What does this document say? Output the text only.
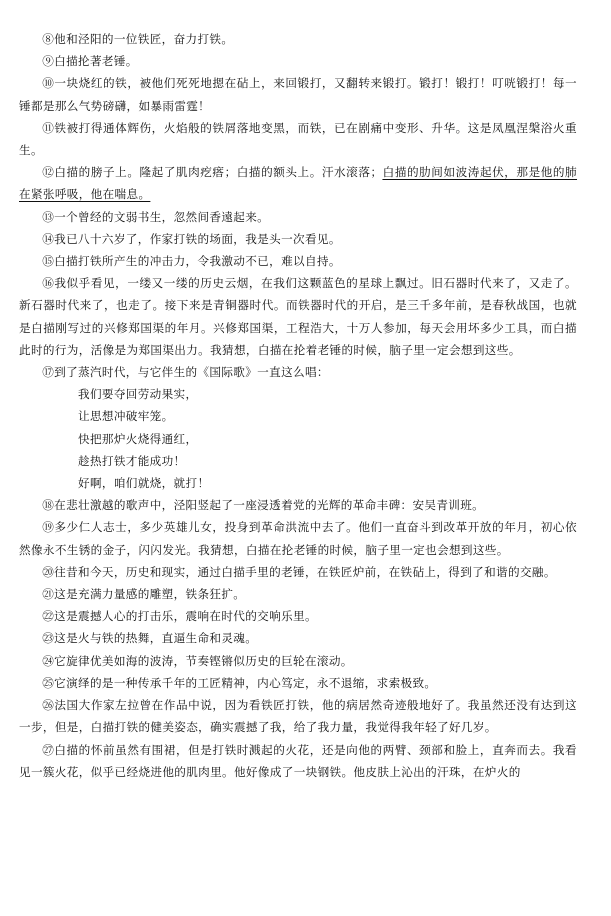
⑧他和泾阳的一位铁匠，奋力打铁。

⑨白描抡著老锤。

⑩一块烧红的铁，被他们死死地摁在砧上，来回锻打，又翻转来锻打。锻打！锻打！叮咣锻打！每一锤都是那么气势磅礴，如暴雨雷霆！

⑪铁被打得通体辉伤，火焰般的铁屑落地变黑，而铁，已在剧痛中变形、升华。这是凤凰涅槃浴火重生。

⑫白描的膀子上。隆起了肌肉疙瘩；白描的额头上。汗水滚落；白描的肋间如波涛起伏，那是他的肺在紧张呼吸，他在喘息。

⑬一个曾经的文弱书生，忽然间香遠起来。

⑭我已八十六岁了，作家打铁的场面，我是头一次看见。

⑮白描打铁所产生的冲击力，令我激动不已，难以自持。

⑯我似乎看见，一缕又一缕的历史云烟，在我们这颗蓝色的星球上飘过。旧石器时代来了，又走了。新石器时代来了，也走了。接下来是青铜器时代。而铁器时代的开启，是三千多年前，是春秋战国，也就是白描刚写过的兴修郑国渠的年月。兴修郑国渠，工程浩大，十万人参加，每天会用坏多少工具，而白描此时的行为，活像是为郑国渠出力。我猜想，白描在抡着老锤的时候，脑子里一定会想到这些。

⑰到了蒸汽时代，与它伴生的《国际歌》一直这么唱：

我们要夺回劳动果实，

让思想冲破牢笼。

快把那炉火烧得通红，

趁热打铁才能成功！

好啊，咱们就烧，就打！

⑱在悲壮激越的歌声中，泾阳竖起了一座浸透着党的光辉的革命丰碑：安吴青训班。

⑲多少仁人志士，多少英雄儿女，投身到革命洪流中去了。他们一直奋斗到改革开放的年月，初心依然像永不生锈的金子，闪闪发光。我猜想，白描在抡老锤的时候，脑子里一定也会想到这些。

⑳往昔和今天，历史和现实，通过白描手里的老锤，在铁匠炉前，在铁砧上，得到了和谐的交融。

㉑这是充满力量感的雕塑，铁条狂扩。

㉒这是震撼人心的打击乐，震响在时代的交响乐里。

㉓这是火与铁的热舞，直逼生命和灵魂。

㉔它旋律优美如海的波涛，节奏铿锵似历史的巨轮在滚动。

㉕它演绎的是一种传承千年的工匠精神，内心笃定，永不退缩，求索极致。

㉖法国大作家左拉曾在作品中说，因为看铁匠打铁，他的病居然奇迹般地好了。我虽然还没有达到这一步，但是，白描打铁的健美姿态，确实震撼了我，给了我力量，我觉得我年轻了好几岁。

㉗白描的怀前虽然有围裙，但是打铁时溅起的火花，还是向他的两臂、颈部和脸上，直奔而去。我看见一簇火花，似乎已经烧进他的肌肉里。他好像成了一块钢铁。他皮肤上沁出的汗珠，在炉火的
